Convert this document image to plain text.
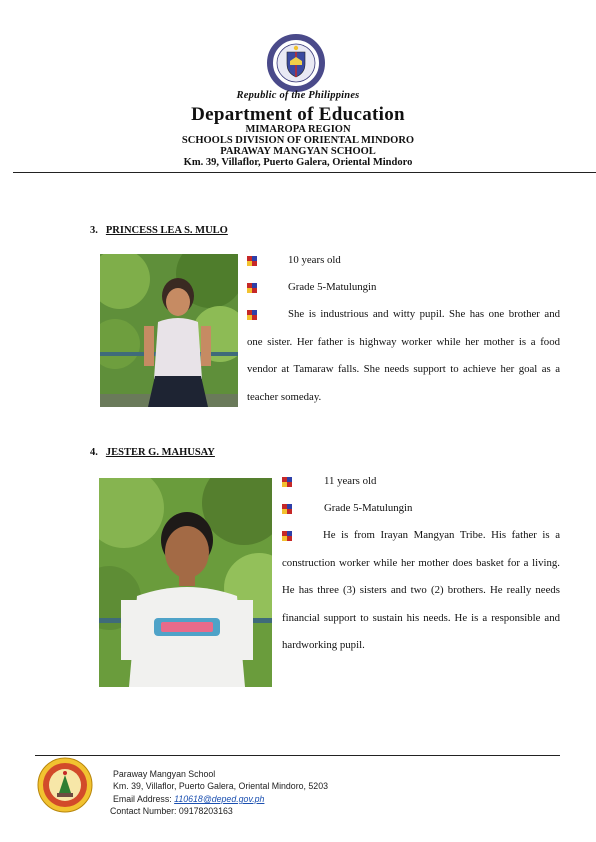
Republic of the Philippines
Department of Education
MIMAROPA REGION
SCHOOLS DIVISION OF ORIENTAL MINDORO
PARAWAY MANGYAN SCHOOL
Km. 39, Villaflor, Puerto Galera, Oriental Mindoro
3. PRINCESS LEA S. MULO
10 years old
Grade 5-Matulungin
She is industrious and witty pupil. She has one brother and one sister. Her father is highway worker while her mother is a food vendor at Tamaraw falls. She needs support to achieve her goal as a teacher someday.
4. JESTER G. MAHUSAY
11 years old
Grade 5-Matulungin
He is from Irayan Mangyan Tribe. His father is a construction worker while her mother does basket for a living. He has three (3) sisters and two (2) brothers. He really needs financial support to sustain his needs. He is a responsible and hardworking pupil.
Paraway Mangyan School
Km. 39, Villaflor, Puerto Galera, Oriental Mindoro, 5203
Email Address: 110618@deped.gov.ph
Contact Number: 09178203163
